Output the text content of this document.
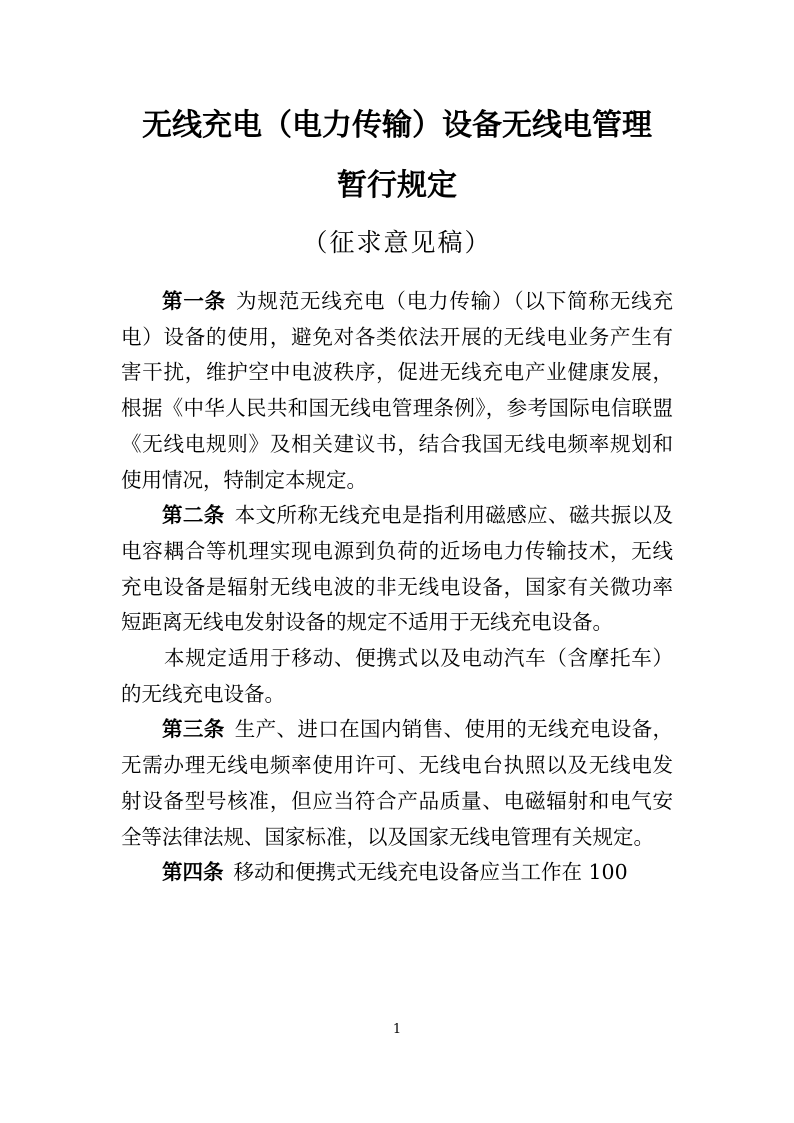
无线充电（电力传输）设备无线电管理
暂行规定
（征求意见稿）

第一条 为规范无线充电（电力传输）（以下简称无线充电）设备的使用，避免对各类依法开展的无线电业务产生有害干扰，维护空中电波秩序，促进无线充电产业健康发展，根据《中华人民共和国无线电管理条例》，参考国际电信联盟《无线电规则》及相关建议书，结合我国无线电频率规划和使用情况，特制定本规定。

第二条 本文所称无线充电是指利用磁感应、磁共振以及电容耦合等机理实现电源到负荷的近场电力传输技术，无线充电设备是辐射无线电波的非无线电设备，国家有关微功率短距离无线电发射设备的规定不适用于无线充电设备。

本规定适用于移动、便携式以及电动汽车（含摩托车）的无线充电设备。

第三条 生产、进口在国内销售、使用的无线充电设备，无需办理无线电频率使用许可、无线电台执照以及无线电发射设备型号核准，但应当符合产品质量、电磁辐射和电气安全等法律法规、国家标准，以及国家无线电管理有关规定。

第四条 移动和便携式无线充电设备应当工作在 100

1
